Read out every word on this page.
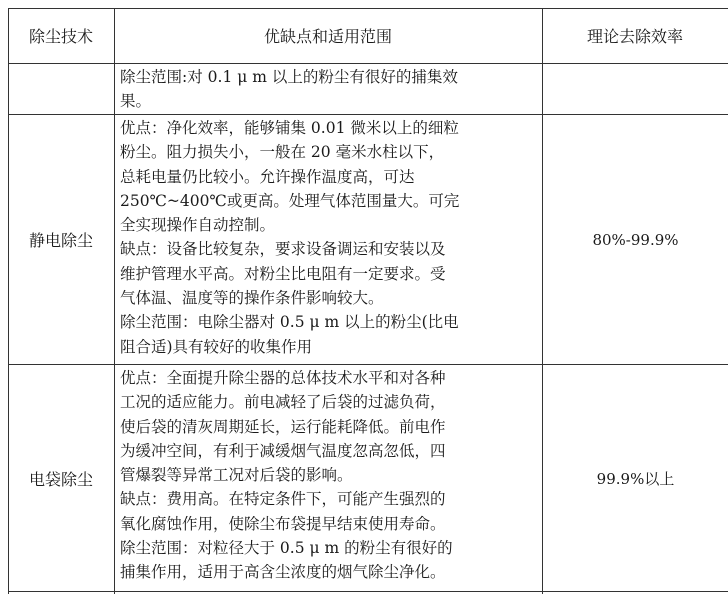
除尘技术	优缺点和适用范围	理论去除效率
除尘范围:对 0.1 μ m 以上的粉尘有很好的捕集效
果。
静电除尘
优点：净化效率，能够铺集 0.01 微米以上的细粒
粉尘。阻力损失小，一般在 20 毫米水柱以下，
总耗电量仍比较小。允许操作温度高，可达
250℃~400℃或更高。处理气体范围量大。可完
全实现操作自动控制。
缺点：设备比较复杂，要求设备调运和安装以及
维护管理水平高。对粉尘比电阻有一定要求。受
气体温、温度等的操作条件影响较大。
除尘范围：电除尘器对 0.5 μ m 以上的粉尘(比电
阻合适)具有较好的收集作用
80%-99.9%
电袋除尘
优点：全面提升除尘器的总体技术水平和对各种
工况的适应能力。前电减轻了后袋的过滤负荷，
使后袋的清灰周期延长，运行能耗降低。前电作
为缓冲空间，有利于减缓烟气温度忽高忽低，四
管爆裂等异常工况对后袋的影响。
缺点：费用高。在特定条件下，可能产生强烈的
氧化腐蚀作用，使除尘布袋提早结束使用寿命。
除尘范围：对粒径大于 0.5 μ m 的粉尘有很好的
捕集作用，适用于高含尘浓度的烟气除尘净化。
99.9%以上
